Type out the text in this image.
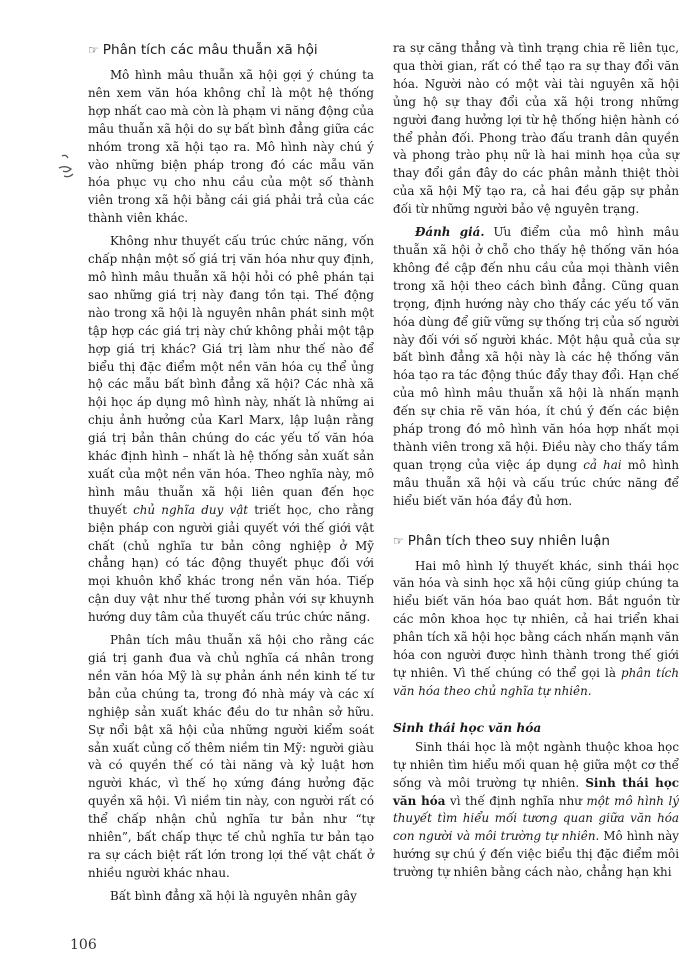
☞ Phân tích các mâu thuẫn xã hội

Mô hình mâu thuẫn xã hội gợi ý chúng ta nên xem văn hóa không chỉ là một hệ thống hợp nhất cao mà còn là phạm vi năng động của mâu thuẫn xã hội do sự bất bình đẳng giữa các nhóm trong xã hội tạo ra. Mô hình này chú ý vào những biện pháp trong đó các mẫu văn hóa phục vụ cho nhu cầu của một số thành viên trong xã hội bằng cái giá phải trả của các thành viên khác.

Không như thuyết cấu trúc chức năng, vốn chấp nhận một số giá trị văn hóa như quy định, mô hình mâu thuẫn xã hội hỏi có phê phán tại sao những giá trị này đang tồn tại. Thế động nào trong xã hội là nguyên nhân phát sinh một tập hợp các giá trị này chứ không phải một tập hợp giá trị khác? Giá trị làm như thế nào để biểu thị đặc điểm một nền văn hóa cụ thể ủng hộ các mẫu bất bình đẳng xã hội? Các nhà xã hội học áp dụng mô hình này, nhất là những ai chịu ảnh hưởng của Karl Marx, lập luận rằng giá trị bản thân chúng do các yếu tố văn hóa khác định hình – nhất là hệ thống sản xuất sản xuất của một nền văn hóa. Theo nghĩa này, mô hình mâu thuẫn xã hội liên quan đến học thuyết chủ nghĩa duy vật triết học, cho rằng biện pháp con người giải quyết với thế giới vật chất (chủ nghĩa tư bản công nghiệp ở Mỹ chẳng hạn) có tác động thuyết phục đối với mọi khuôn khổ khác trong nền văn hóa. Tiếp cận duy vật như thế tương phản với sự khuynh hướng duy tâm của thuyết cấu trúc chức năng.

Phân tích mâu thuẫn xã hội cho rằng các giá trị ganh đua và chủ nghĩa cá nhân trong nền văn hóa Mỹ là sự phản ánh nền kinh tế tư bản của chúng ta, trong đó nhà máy và các xí nghiệp sản xuất khác đều do tư nhân sở hữu. Sự nổi bật xã hội của những người kiểm soát sản xuất củng cố thêm niềm tin Mỹ: người giàu và có quyền thế có tài năng và kỷ luật hơn người khác, vì thế họ xứng đáng hưởng đặc quyền xã hội. Vì niềm tin này, con người rất có thể chấp nhận chủ nghĩa tư bản như “tự nhiên”, bất chấp thực tế chủ nghĩa tư bản tạo ra sự cách biệt rất lớn trong lợi thế vật chất ở nhiều người khác nhau.

Bất bình đẳng xã hội là nguyên nhân gây

ra sự căng thẳng và tình trạng chia rẽ liên tục, qua thời gian, rất có thể tạo ra sự thay đổi văn hóa. Người nào có một vài tài nguyên xã hội ủng hộ sự thay đổi của xã hội trong những người đang hưởng lợi từ hệ thống hiện hành có thể phản đối. Phong trào đấu tranh dân quyền và phong trào phụ nữ là hai minh họa của sự thay đổi gần đây do các phân mảnh thiệt thòi của xã hội Mỹ tạo ra, cả hai đều gặp sự phản đối từ những người bảo vệ nguyên trạng.

Đánh giá. Ưu điểm của mô hình mâu thuẫn xã hội ở chỗ cho thấy hệ thống văn hóa không đề cập đến nhu cầu của mọi thành viên trong xã hội theo cách bình đẳng. Cũng quan trọng, định hướng này cho thấy các yếu tố văn hóa dùng để giữ vững sự thống trị của số người này đối với số người khác. Một hậu quả của sự bất bình đẳng xã hội này là các hệ thống văn hóa tạo ra tác động thúc đẩy thay đổi. Hạn chế của mô hình mâu thuẫn xã hội là nhấn mạnh đến sự chia rẽ văn hóa, ít chú ý đến các biện pháp trong đó mô hình văn hóa hợp nhất mọi thành viên trong xã hội. Điều này cho thấy tầm quan trọng của việc áp dụng cả hai mô hình mâu thuẫn xã hội và cấu trúc chức năng để hiểu biết văn hóa đầy đủ hơn.

☞ Phân tích theo suy nhiên luận

Hai mô hình lý thuyết khác, sinh thái học văn hóa và sinh học xã hội cũng giúp chúng ta hiểu biết văn hóa bao quát hơn. Bắt nguồn từ các môn khoa học tự nhiên, cả hai triển khai phân tích xã hội học bằng cách nhấn mạnh văn hóa con người được hình thành trong thế giới tự nhiên. Vì thế chúng có thể gọi là phân tích văn hóa theo chủ nghĩa tự nhiên.

Sinh thái học văn hóa

Sinh thái học là một ngành thuộc khoa học tự nhiên tìm hiểu mối quan hệ giữa một cơ thể sống và môi trường tự nhiên. Sinh thái học văn hóa vì thế định nghĩa như một mô hình lý thuyết tìm hiểu mối tương quan giữa văn hóa con người và môi trường tự nhiên. Mô hình này hướng sự chú ý đến việc biểu thị đặc điểm môi trường tự nhiên bằng cách nào, chẳng hạn khi

106
